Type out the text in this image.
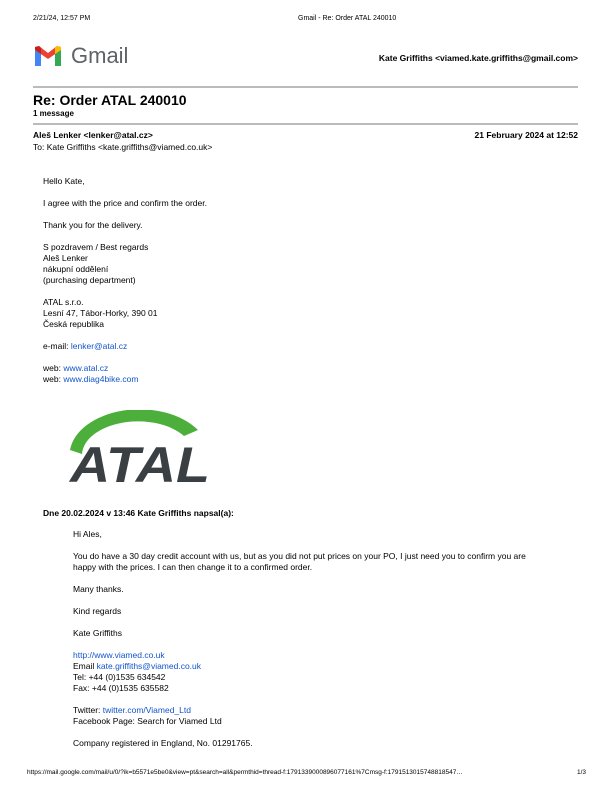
2/21/24, 12:57 PM	Gmail - Re: Order ATAL 240010
Gmail	Kate Griffiths <viamed.kate.griffiths@gmail.com>
Re: Order ATAL 240010
1 message
Aleš Lenker <lenker@atal.cz>	21 February 2024 at 12:52
To: Kate Griffiths <kate.griffiths@viamed.co.uk>

Hello Kate,

I agree with the price and confirm the order.

Thank you for the delivery.

S pozdravem / Best regards
Aleš Lenker
nákupní oddělení
(purchasing department)

ATAL s.r.o.
Lesní 47, Tábor-Horky, 390 01
Česká republika

e-mail: lenker@atal.cz

web: www.atal.cz
web: www.diag4bike.com

ATAL
Dne 20.02.2024 v 13:46 Kate Griffiths napsal(a):

Hi Ales,

You do have a 30 day credit account with us, but as you did not put prices on your PO, I just need you to confirm you are happy with the prices. I can then change it to a confirmed order.

Many thanks.

Kind regards

Kate Griffiths

http://www.viamed.co.uk
Email kate.griffiths@viamed.co.uk
Tel: +44 (0)1535 634542
Fax: +44 (0)1535 635582

Twitter: twitter.com/Viamed_Ltd
Facebook Page: Search for Viamed Ltd

Company registered in England, No. 01291765.

https://mail.google.com/mail/u/0/?ik=b5571e5be0&view=pt&search=all&permthid=thread-f:1791339000896077161%7Cmsg-f:1791513015748818547…	1/3
